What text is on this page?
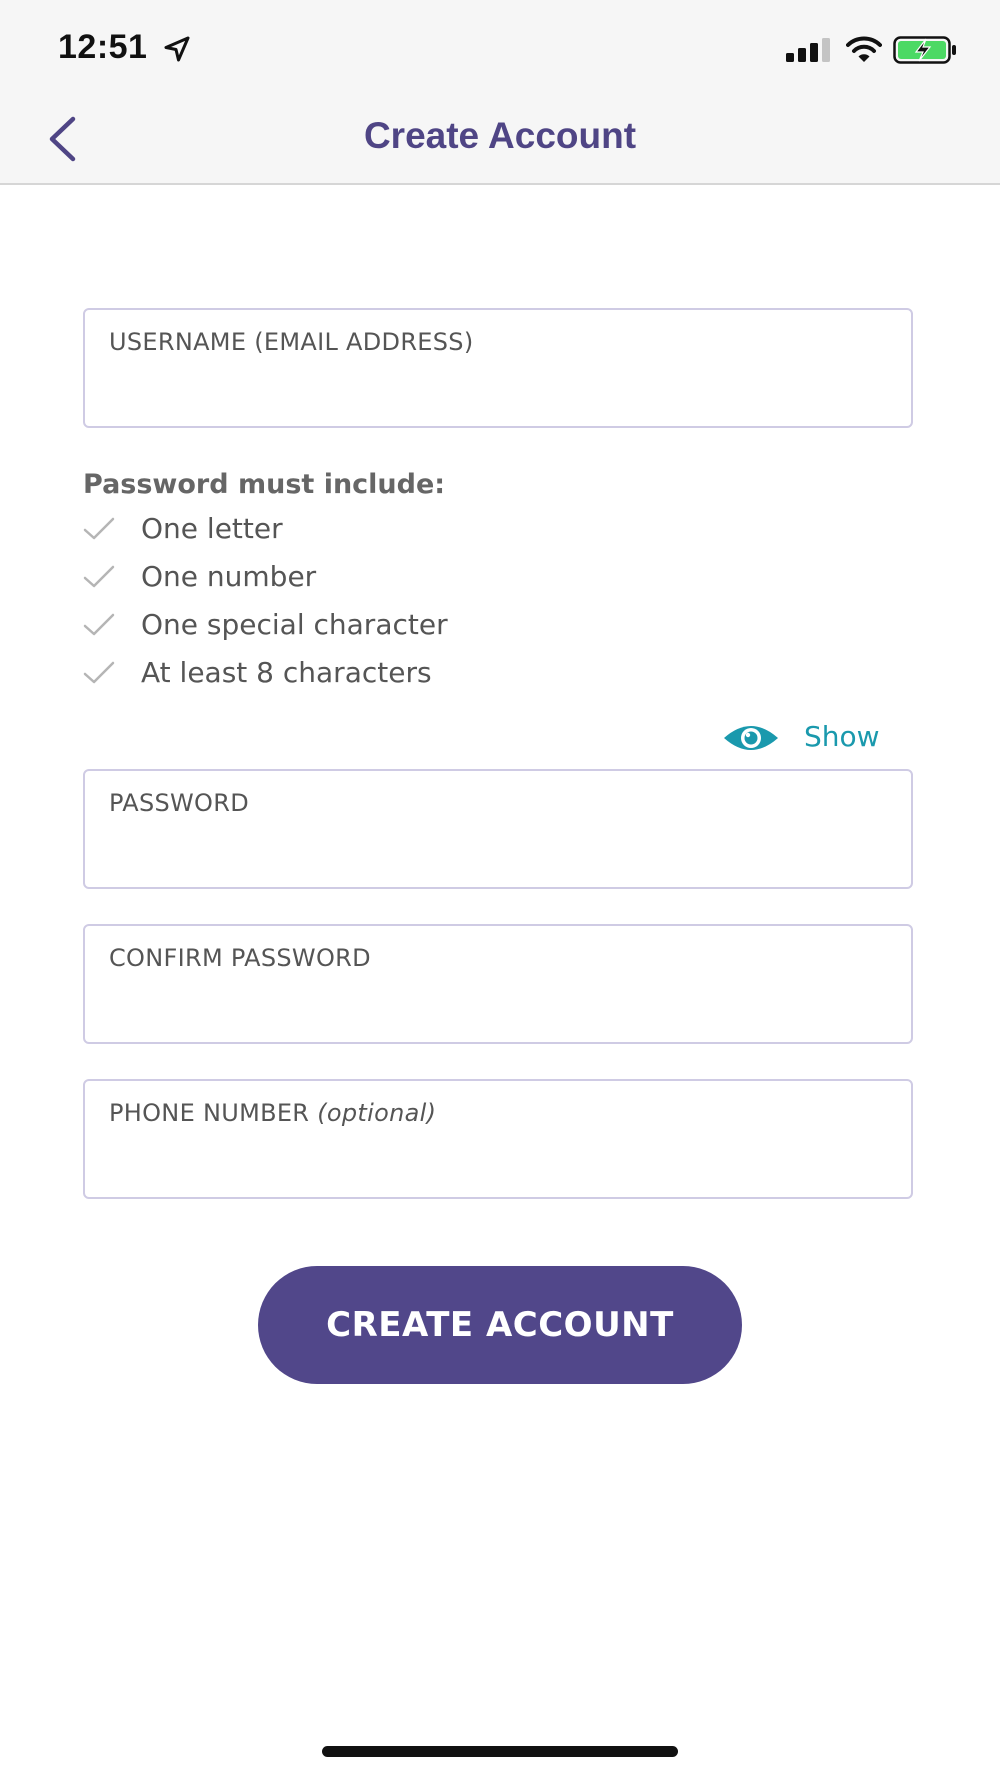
12:51
Create Account
USERNAME (EMAIL ADDRESS)
Password must include:
One letter
One number
One special character
At least 8 characters
Show
PASSWORD
CONFIRM PASSWORD
PHONE NUMBER (optional)
CREATE ACCOUNT
